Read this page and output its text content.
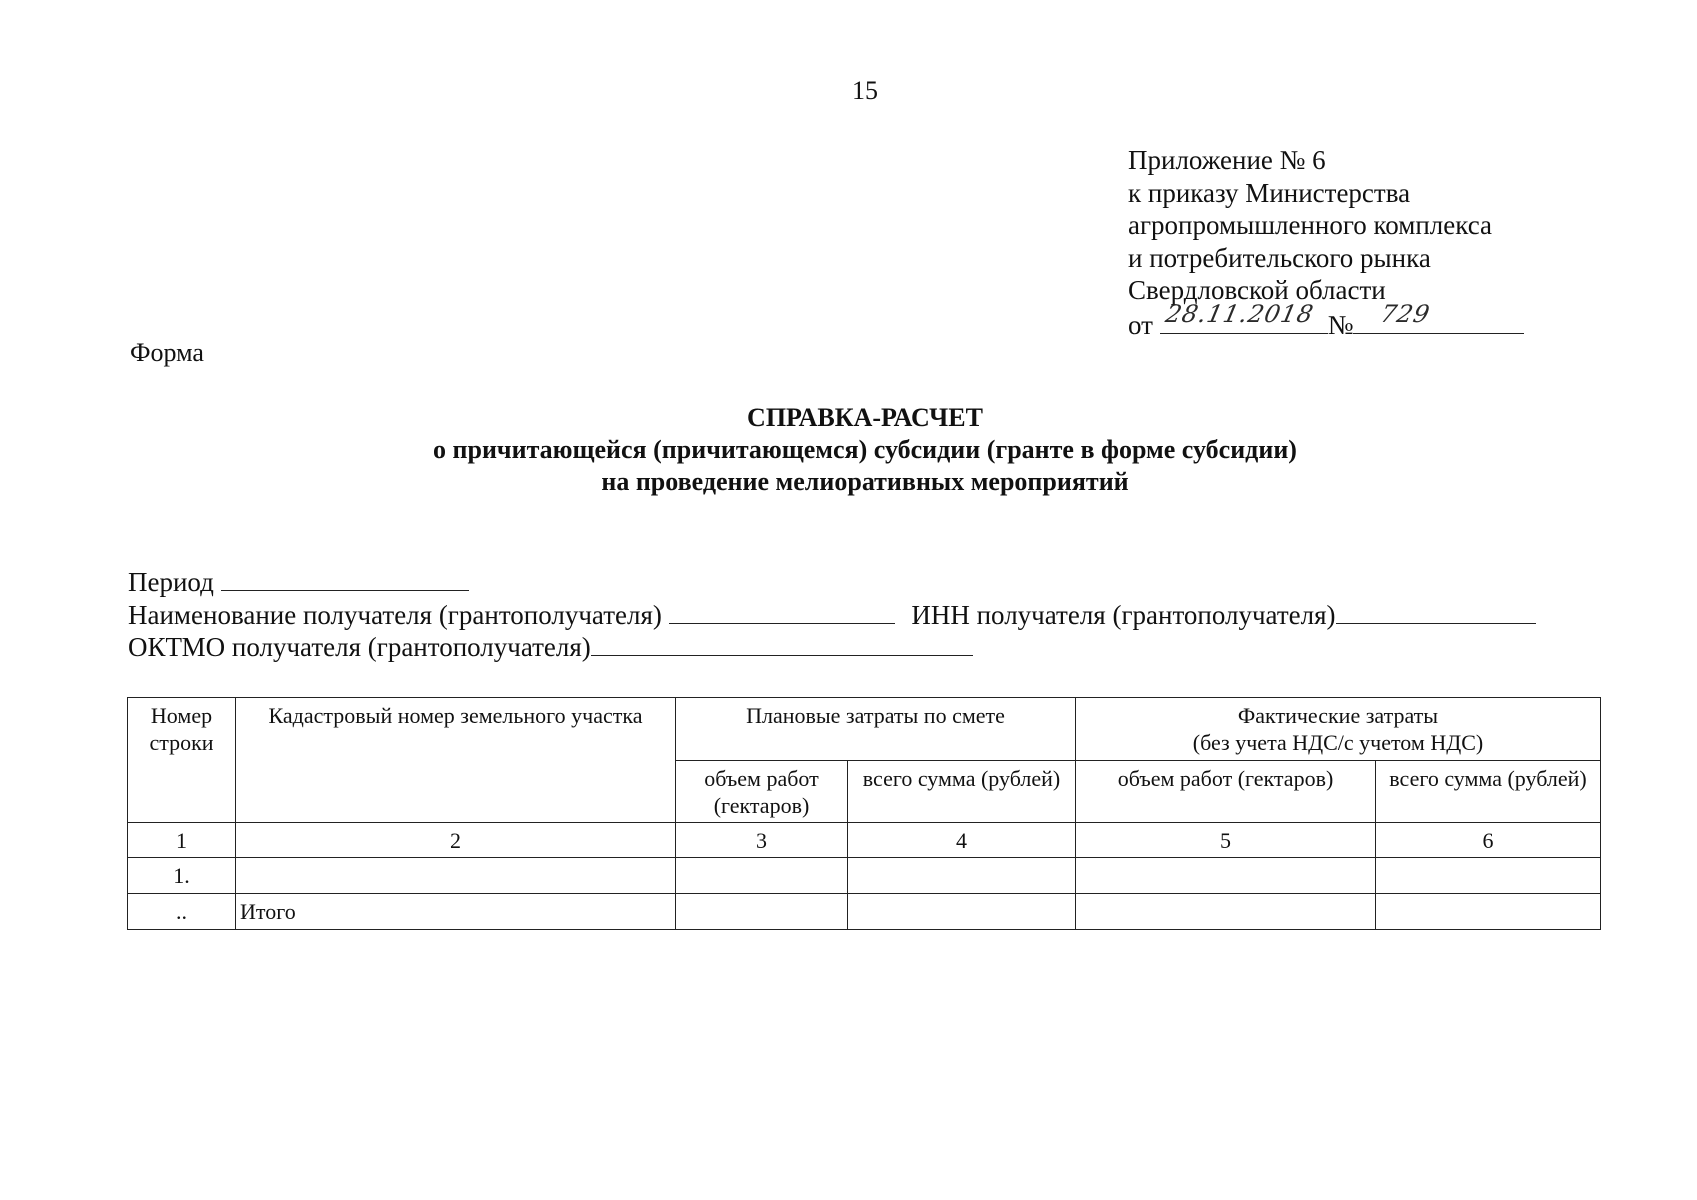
15
Приложение № 6
к приказу Министерства
агропромышленного комплекса
и потребительского рынка
Свердловской области
от 28.11.2018 № 729
Форма
СПРАВКА-РАСЧЕТ
о причитающейся (причитающемся) субсидии (гранте в форме субсидии)
на проведение мелиоративных мероприятий
Период
Наименование получателя (грантополучателя)	ИНН получателя (грантополучателя)
ОКТМО получателя (грантополучателя)
Номер строки	Кадастровый номер земельного участка	Плановые затраты по смете		Фактические затраты
(без учета НДС/с учетом НДС)	

		объем работ (гектаров)	всего сумма (рублей)	объем работ (гектаров)	всего сумма (рублей)
1	2	3	4	5	6
1.					
..	Итого				
